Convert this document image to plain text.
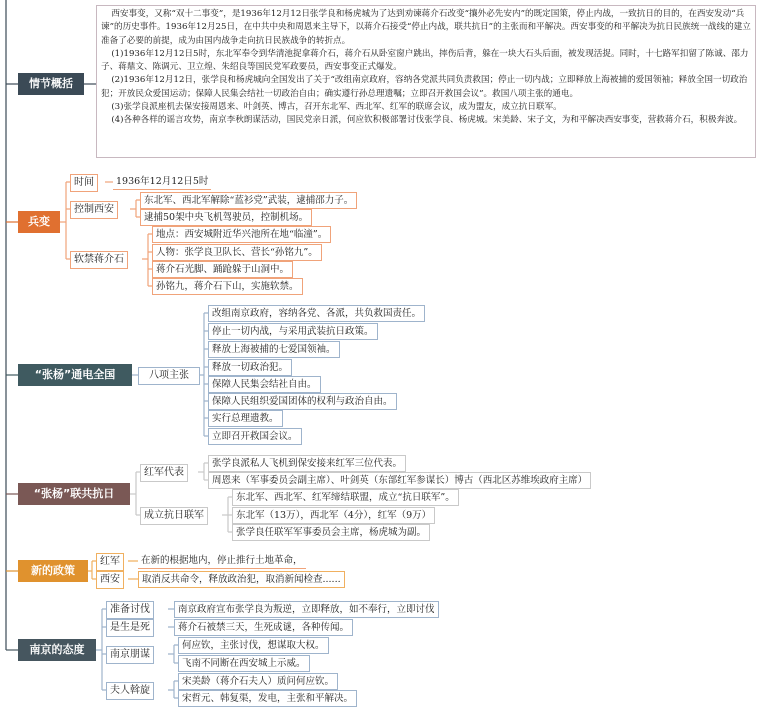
情节概括

西安事变，又称“双十二事变”，是1936年12月12日张学良和杨虎城为了达到劝谏蒋介石改变“攘外必先安内”的既定国策，停止内战，一致抗日的目的，在西安发动“兵谏”的历史事件。1936年12月25日，在中共中央和周恩来主导下，以蒋介石接受“停止内战，联共抗日”的主张而和平解决。西安事变的和平解决为抗日民族统一战线的建立准备了必要的前提，成为由国内战争走向抗日民族战争的转折点。

(1)1936年12月12日5时，东北军奉令到华清池捉拿蒋介石，蒋介石从卧室窗户跳出，摔伤后背，躲在一块大石头后面，被发现活捉。同时，十七路军扣留了陈诚、邵力子、蒋鼎文、陈调元、卫立煌、朱绍良等国民党军政要员，西安事变正式爆发。

(2)1936年12月12日，张学良和杨虎城向全国发出了关于“改组南京政府，容纳各党派共同负责救国；停止一切内战；立即释放上海被捕的爱国领袖；释放全国一切政治犯；开放民众爱国运动；保障人民集会结社一切政治自由；确实遵行孙总理遗嘱；立即召开救国会议”。救国八项主张的通电。

(3)张学良派座机去保安接周恩来、叶剑英、博古，召开东北军、西北军、红军的联席会议，成为盟友，成立抗日联军。

(4)各种各样的谣言攻势，南京李秋朗谋活动，国民党亲日派，何应钦积极部署讨伐张学良、杨虎城。宋美龄、宋子文，为和平解决西安事变，营救蒋介石，积极奔波。

兵变
时间	1936年12月12日5时
控制西安
东北军、西北军解除“蓝衫党”武装，逮捕邵力子。
逮捕50架中央飞机驾驶员，控制机场。
软禁蒋介石
地点：西安城附近华兴池所在地“临潼”。
人物：张学良卫队长、营长“孙铭九”。
蒋介石光脚、踊跄躲于山洞中。
孙铭九，蒋介石下山，实施软禁。
“张杨”通电全国	八项主张
改组南京政府，容纳各党、各派，共负救国责任。
停止一切内战，与采用武装抗日政策。
释放上海被捕的七爱国领袖。
释放一切政治犯。
保障人民集会结社自由。
保障人民组织爱国团体的权利与政治自由。
实行总理遗教。
立即召开救国会议。
“张杨”联共抗日
红军代表
张学良派私人飞机到保安接来红军三位代表。
周恩来（军事委员会副主席）、叶剑英（东部红军参谋长）博古（西北区苏维埃政府主席）
成立抗日联军
东北军、西北军、红军缔结联盟，成立“抗日联军”。
东北军（13万），西北军（4分），红军（9万）
张学良任联军军事委员会主席，杨虎城为副。
新的政策
红军	在新的根据地内，停止推行土地革命，
西安	取消反共命令，释放政治犯，取消新闻检查......
南京的态度
准备讨伐	南京政府宣布张学良为叛逆，立即释放，如不奉行，立即讨伐
是生是死	蒋介石被禁三天，生死成谜，各种传闻。
南京朋谋
何应钦，主张讨伐，想谋取大权。
飞南不同断在西安城上示威。
夫人斡旋
宋美龄（蒋介石夫人）质问何应钦。
宋哲元、韩复渠，发电，主张和平解决。
